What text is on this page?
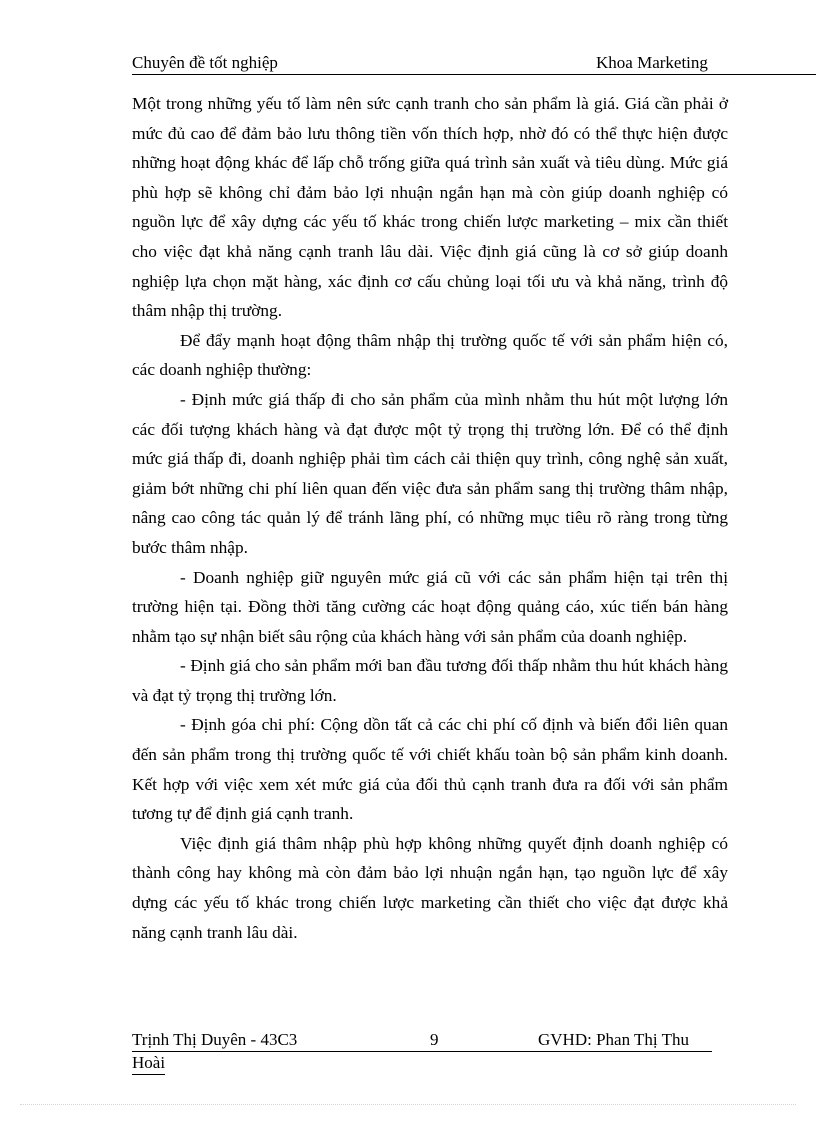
Chuyên đề tốt nghiệp	Khoa Marketing

Một trong những yếu tố làm nên sức cạnh tranh cho sản phẩm là giá. Giá cần phải ở mức đủ cao để đảm bảo lưu thông tiền vốn thích hợp, nhờ đó có thể thực hiện được những hoạt động khác để lấp chỗ trống giữa quá trình sản xuất và tiêu dùng. Mức giá phù hợp sẽ không chỉ đảm bảo lợi nhuận ngắn hạn mà còn giúp doanh nghiệp có nguồn lực để xây dựng các yếu tố khác trong chiến lược marketing – mix cần thiết cho việc đạt khả năng cạnh tranh lâu dài. Việc định giá cũng là cơ sở giúp doanh nghiệp lựa chọn mặt hàng, xác định cơ cấu chủng loại tối ưu và khả năng, trình độ thâm nhập thị trường.

Để đẩy mạnh hoạt động thâm nhập thị trường quốc tế với sản phẩm hiện có, các doanh nghiệp thường:

- Định mức giá thấp đi cho sản phẩm của mình nhằm thu hút một lượng lớn các đối tượng khách hàng và đạt được một tỷ trọng thị trường lớn. Để có thể định mức giá thấp đi, doanh nghiệp phải tìm cách cải thiện quy trình, công nghệ sản xuất, giảm bớt những chi phí liên quan đến việc đưa sản phẩm sang thị trường thâm nhập, nâng cao công tác quản lý để tránh lãng phí, có những mục tiêu rõ ràng trong từng bước thâm nhập.

- Doanh nghiệp giữ nguyên mức giá cũ với các sản phẩm hiện tại trên thị trường hiện tại. Đồng thời tăng cường các hoạt động quảng cáo, xúc tiến bán hàng nhằm tạo sự nhận biết sâu rộng của khách hàng với sản phẩm của doanh nghiệp.

- Định giá cho sản phẩm mới ban đầu tương đối thấp nhằm thu hút khách hàng và đạt tỷ trọng thị trường lớn.

- Định góa chi phí: Cộng dồn tất cả các chi phí cố định và biến đổi liên quan đến sản phẩm trong thị trường quốc tế với chiết khấu toàn bộ sản phẩm kinh doanh. Kết hợp với việc xem xét mức giá của đối thủ cạnh tranh đưa ra đối với sản phẩm tương tự để định giá cạnh tranh.

Việc định giá thâm nhập phù hợp không những quyết định doanh nghiệp có thành công hay không mà còn đảm bảo lợi nhuận ngắn hạn, tạo nguồn lực để xây dựng các yếu tố khác trong chiến lược marketing cần thiết cho việc đạt được khả năng cạnh tranh lâu dài.

Trịnh Thị Duyên - 43C3	9	GVHD: Phan Thị Thu
Hoài
